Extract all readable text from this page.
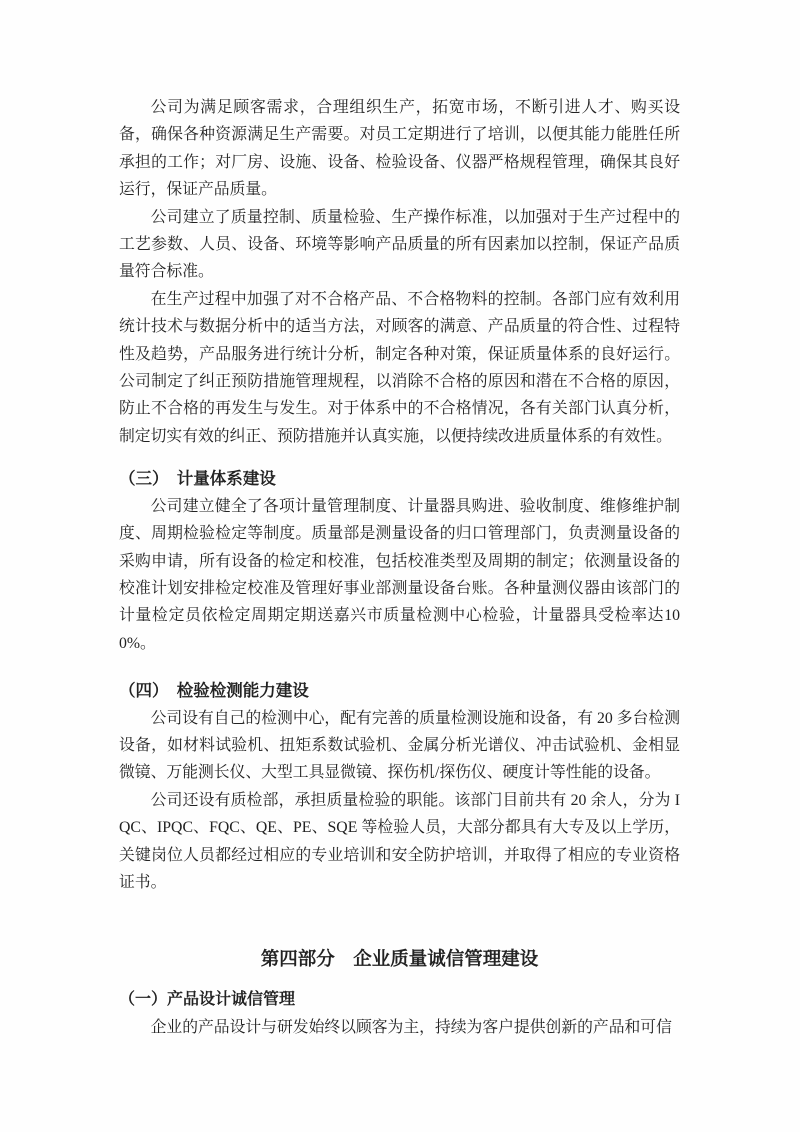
公司为满足顾客需求，合理组织生产，拓宽市场，不断引进人才、购买设备，确保各种资源满足生产需要。对员工定期进行了培训，以便其能力能胜任所承担的工作；对厂房、设施、设备、检验设备、仪器严格规程管理，确保其良好运行，保证产品质量。

公司建立了质量控制、质量检验、生产操作标准，以加强对于生产过程中的工艺参数、人员、设备、环境等影响产品质量的所有因素加以控制，保证产品质量符合标准。

在生产过程中加强了对不合格产品、不合格物料的控制。各部门应有效利用统计技术与数据分析中的适当方法，对顾客的满意、产品质量的符合性、过程特性及趋势，产品服务进行统计分析，制定各种对策，保证质量体系的良好运行。公司制定了纠正预防措施管理规程，以消除不合格的原因和潜在不合格的原因，防止不合格的再发生与发生。对于体系中的不合格情况，各有关部门认真分析，制定切实有效的纠正、预防措施并认真实施，以便持续改进质量体系的有效性。

（三）　计量体系建设

公司建立健全了各项计量管理制度、计量器具购进、验收制度、维修维护制度、周期检验检定等制度。质量部是测量设备的归口管理部门，负责测量设备的采购申请，所有设备的检定和校准，包括校准类型及周期的制定；依测量设备的校准计划安排检定校准及管理好事业部测量设备台账。各种量测仪器由该部门的计量检定员依检定周期定期送嘉兴市质量检测中心检验，计量器具受检率达100%。

（四）　检验检测能力建设

公司设有自己的检测中心，配有完善的质量检测设施和设备，有 20 多台检测设备，如材料试验机、扭矩系数试验机、金属分析光谱仪、冲击试验机、金相显微镜、万能测长仪、大型工具显微镜、探伤机/探伤仪、硬度计等性能的设备。

公司还设有质检部，承担质量检验的职能。该部门目前共有 20 余人，分为 IQC、IPQC、FQC、QE、PE、SQE 等检验人员，大部分都具有大专及以上学历，关键岗位人员都经过相应的专业培训和安全防护培训，并取得了相应的专业资格证书。

第四部分　企业质量诚信管理建设
（一）产品设计诚信管理

企业的产品设计与研发始终以顾客为主，持续为客户提供创新的产品和可信
